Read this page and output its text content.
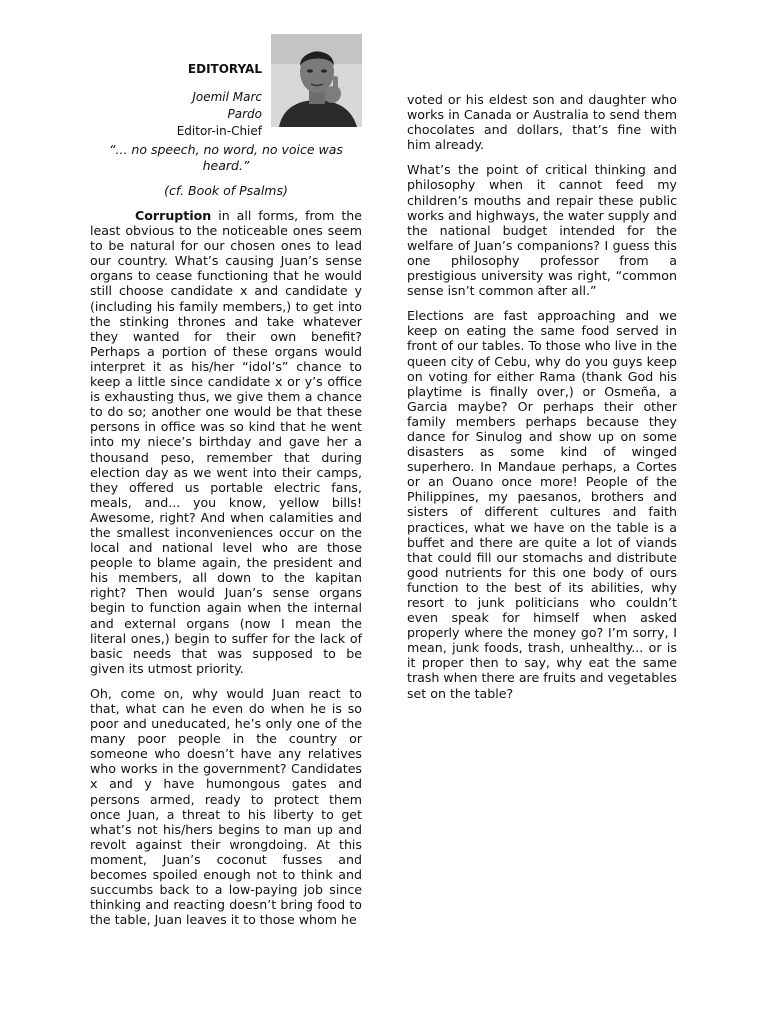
EDITORYAL
Joemil Marc
Pardo
Editor-in-Chief
“... no speech, no word, no voice was heard.”
(cf. Book of Psalms)

Corruption in all forms, from the least obvious to the noticeable ones seem to be natural for our chosen ones to lead our country. What’s causing Juan’s sense organs to cease functioning that he would still choose candidate x and candidate y (including his family members,) to get into the stinking thrones and take whatever they wanted for their own benefit? Perhaps a portion of these organs would interpret it as his/her “idol’s” chance to keep a little since candidate x or y’s office is exhausting thus, we give them a chance to do so; another one would be that these persons in office was so kind that he went into my niece’s birthday and gave her a thousand peso, remember that during election day as we went into their camps, they offered us portable electric fans, meals, and... you know, yellow bills! Awesome, right? And when calamities and the smallest inconveniences occur on the local and national level who are those people to blame again, the president and his members, all down to the kapitan right? Then would Juan’s sense organs begin to function again when the internal and external organs (now I mean the literal ones,) begin to suffer for the lack of basic needs that was supposed to be given its utmost priority.

Oh, come on, why would Juan react to that, what can he even do when he is so poor and uneducated, he’s only one of the many poor people in the country or someone who doesn’t have any relatives who works in the government? Candidates x and y have humongous gates and persons armed, ready to protect them once Juan, a threat to his liberty to get what’s not his/hers begins to man up and revolt against their wrongdoing. At this moment, Juan’s coconut fusses and becomes spoiled enough not to think and succumbs back to a low-paying job since thinking and reacting doesn’t bring food to the table, Juan leaves it to those whom he

voted or his eldest son and daughter who works in Canada or Australia to send them chocolates and dollars, that’s fine with him already.

What’s the point of critical thinking and philosophy when it cannot feed my children’s mouths and repair these public works and highways, the water supply and the national budget intended for the welfare of Juan’s companions? I guess this one philosophy professor from a prestigious university was right, “common sense isn’t common after all.”

Elections are fast approaching and we keep on eating the same food served in front of our tables. To those who live in the queen city of Cebu, why do you guys keep on voting for either Rama (thank God his playtime is finally over,) or Osmeña, a Garcia maybe? Or perhaps their other family members perhaps because they dance for Sinulog and show up on some disasters as some kind of winged superhero. In Mandaue perhaps, a Cortes or an Ouano once more! People of the Philippines, my paesanos, brothers and sisters of different cultures and faith practices, what we have on the table is a buffet and there are quite a lot of viands that could fill our stomachs and distribute good nutrients for this one body of ours function to the best of its abilities, why resort to junk politicians who couldn’t even speak for himself when asked properly where the money go? I’m sorry, I mean, junk foods, trash, unhealthy... or is it proper then to say, why eat the same trash when there are fruits and vegetables set on the table?
